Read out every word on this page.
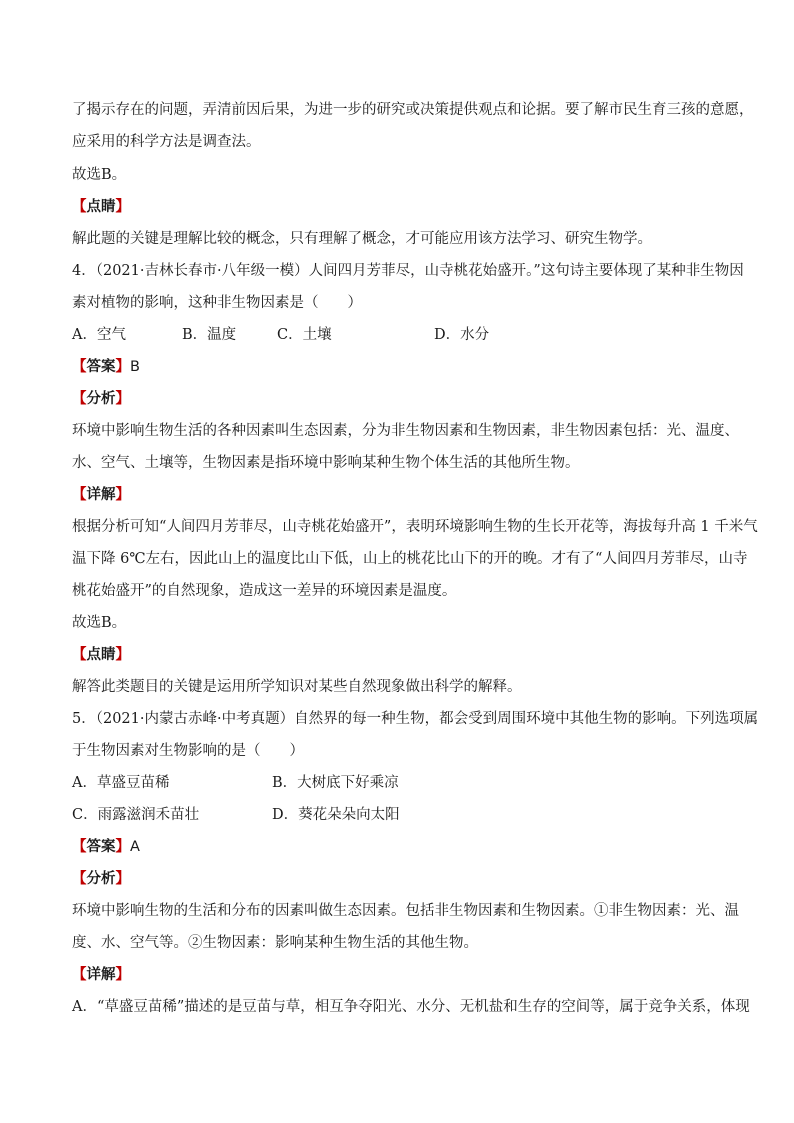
了揭示存在的问题，弄清前因后果，为进一步的研究或决策提供观点和论据。要了解市民生育三孩的意愿，
应采用的科学方法是调查法。
故选B。
【点睛】
解此题的关键是理解比较的概念，只有理解了概念，才可能应用该方法学习、研究生物学。
4．（2021·吉林长春市·八年级一模）人间四月芳菲尽，山寺桃花始盛开。”这句诗主要体现了某种非生物因
素对植物的影响，这种非生物因素是（　　）
A．空气	B．温度	C．土壤	D．水分
【答案】B
【分析】
环境中影响生物生活的各种因素叫生态因素，分为非生物因素和生物因素，非生物因素包括：光、温度、
水、空气、土壤等，生物因素是指环境中影响某种生物个体生活的其他所生物。
【详解】
根据分析可知“人间四月芳菲尽，山寺桃花始盛开”，表明环境影响生物的生长开花等，海拔每升高 1 千米气
温下降 6℃左右，因此山上的温度比山下低，山上的桃花比山下的开的晚。才有了“人间四月芳菲尽，山寺
桃花始盛开”的自然现象，造成这一差异的环境因素是温度。
故选B。
【点睛】
解答此类题目的关键是运用所学知识对某些自然现象做出科学的解释。
5．（2021·内蒙古赤峰·中考真题）自然界的每一种生物，都会受到周围环境中其他生物的影响。下列选项属
于生物因素对生物影响的是（　　）
A．草盛豆苗稀	B．大树底下好乘凉
C．雨露滋润禾苗壮	D．葵花朵朵向太阳
【答案】A
【分析】
环境中影响生物的生活和分布的因素叫做生态因素。包括非生物因素和生物因素。①非生物因素：光、温
度、水、空气等。②生物因素：影响某种生物生活的其他生物。
【详解】
A．“草盛豆苗稀”描述的是豆苗与草，相互争夺阳光、水分、无机盐和生存的空间等，属于竞争关系，体现
